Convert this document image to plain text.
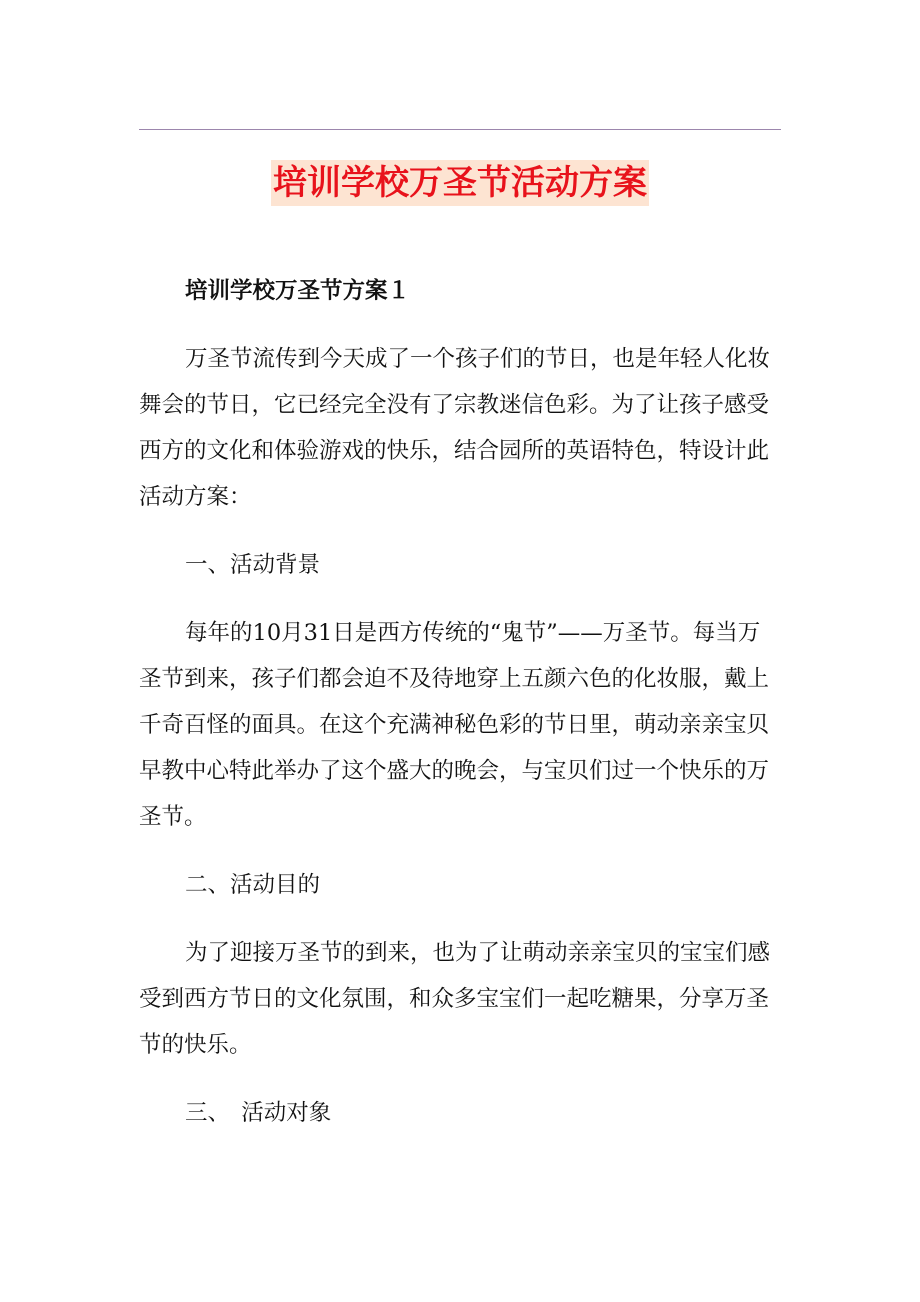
培训学校万圣节活动方案

培训学校万圣节方案１

万圣节流传到今天成了一个孩子们的节日，也是年轻人化妆舞会的节日，它已经完全没有了宗教迷信色彩。为了让孩子感受西方的文化和体验游戏的快乐，结合园所的英语特色，特设计此活动方案：

一、活动背景

每年的10月31日是西方传统的“鬼节”——万圣节。每当万圣节到来，孩子们都会迫不及待地穿上五颜六色的化妆服，戴上千奇百怪的面具。在这个充满神秘色彩的节日里，萌动亲亲宝贝早教中心特此举办了这个盛大的晚会，与宝贝们过一个快乐的万圣节。

二、活动目的

为了迎接万圣节的到来，也为了让萌动亲亲宝贝的宝宝们感受到西方节日的文化氛围，和众多宝宝们一起吃糖果，分享万圣节的快乐。

三、　活动对象
